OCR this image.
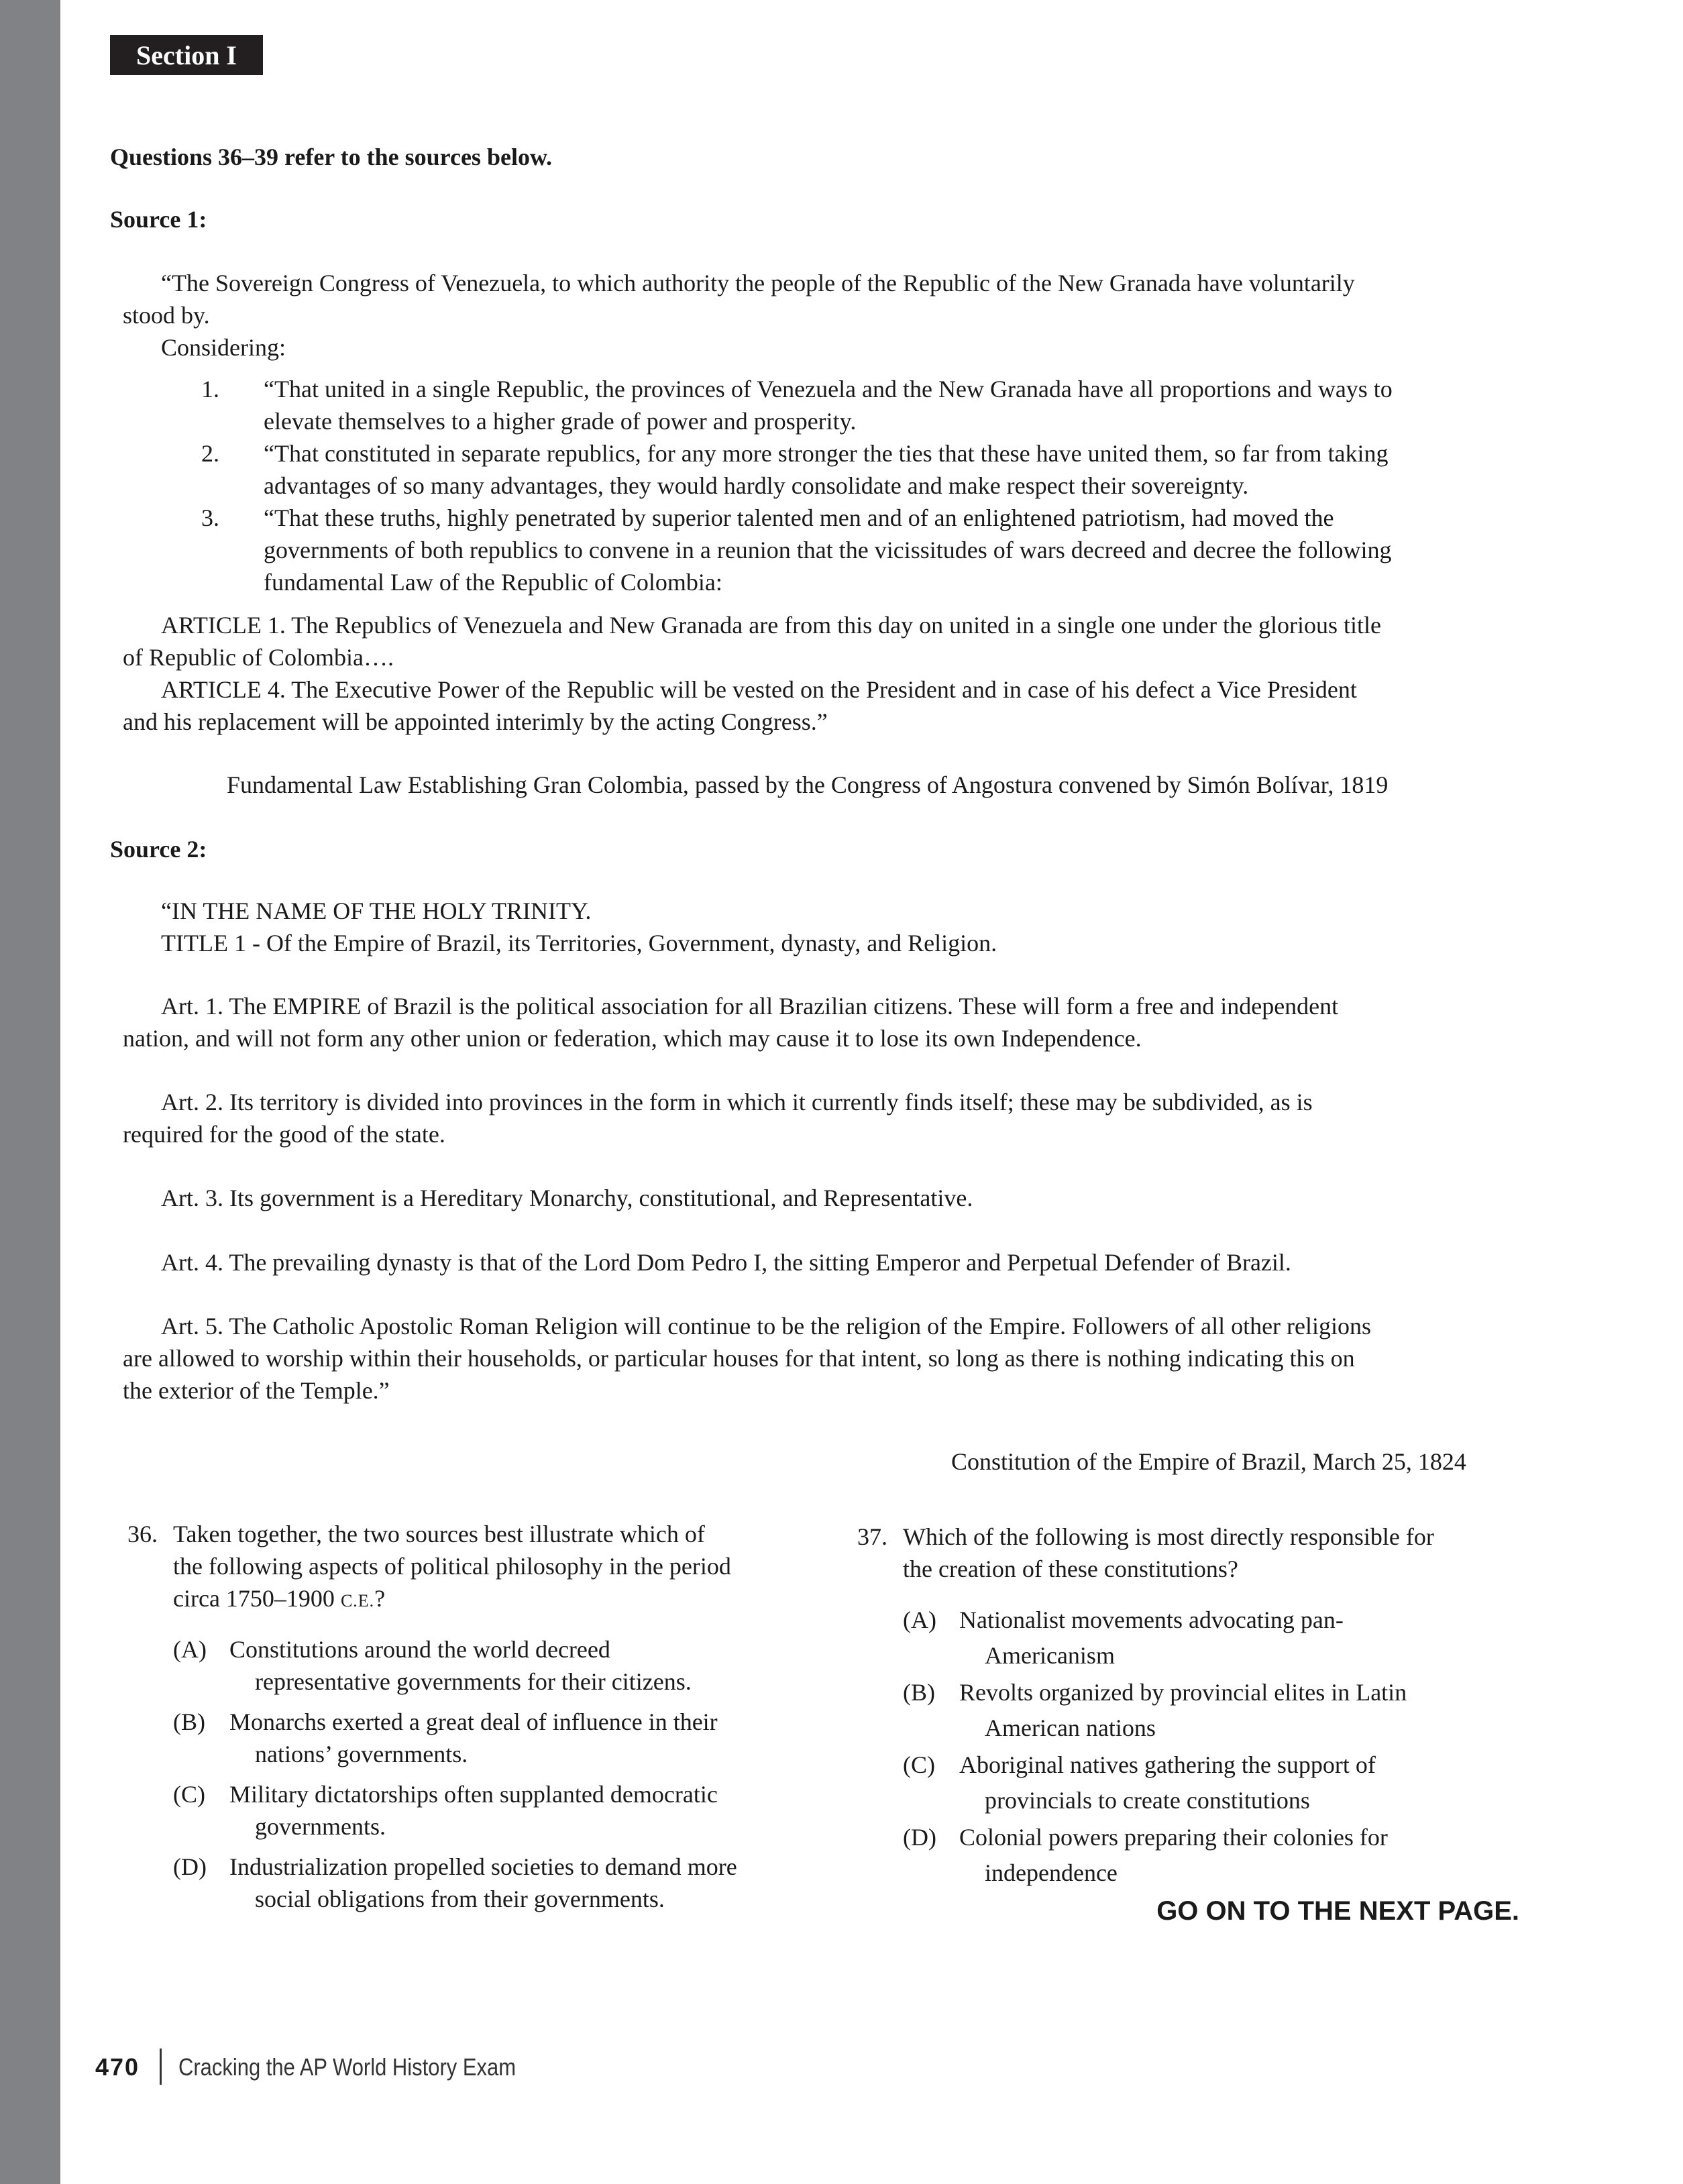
Section I
Questions 36–39 refer to the sources below.
Source 1:
“The Sovereign Congress of Venezuela, to which authority the people of the Republic of the New Granada have voluntarily
stood by.
Considering:
1. “That united in a single Republic, the provinces of Venezuela and the New Granada have all proportions and ways to
elevate themselves to a higher grade of power and prosperity.
2. “That constituted in separate republics, for any more stronger the ties that these have united them, so far from taking
advantages of so many advantages, they would hardly consolidate and make respect their sovereignty.
3. “That these truths, highly penetrated by superior talented men and of an enlightened patriotism, had moved the
governments of both republics to convene in a reunion that the vicissitudes of wars decreed and decree the following
fundamental Law of the Republic of Colombia:
ARTICLE 1. The Republics of Venezuela and New Granada are from this day on united in a single one under the glorious title
of Republic of Colombia….
ARTICLE 4. The Executive Power of the Republic will be vested on the President and in case of his defect a Vice President
and his replacement will be appointed interimly by the acting Congress.”
Fundamental Law Establishing Gran Colombia, passed by the Congress of Angostura convened by Simón Bolívar, 1819
Source 2:
“IN THE NAME OF THE HOLY TRINITY.
TITLE 1 - Of the Empire of Brazil, its Territories, Government, dynasty, and Religion.
Art. 1. The EMPIRE of Brazil is the political association for all Brazilian citizens. These will form a free and independent
nation, and will not form any other union or federation, which may cause it to lose its own Independence.
Art. 2. Its territory is divided into provinces in the form in which it currently finds itself; these may be subdivided, as is
required for the good of the state.
Art. 3. Its government is a Hereditary Monarchy, constitutional, and Representative.
Art. 4. The prevailing dynasty is that of the Lord Dom Pedro I, the sitting Emperor and Perpetual Defender of Brazil.
Art. 5. The Catholic Apostolic Roman Religion will continue to be the religion of the Empire. Followers of all other religions
are allowed to worship within their households, or particular houses for that intent, so long as there is nothing indicating this on
the exterior of the Temple.”
Constitution of the Empire of Brazil, March 25, 1824
36. Taken together, the two sources best illustrate which of
the following aspects of political philosophy in the period
circa 1750–1900 C.E.?
(A) Constitutions around the world decreed
representative governments for their citizens.
(B) Monarchs exerted a great deal of influence in their
nations’ governments.
(C) Military dictatorships often supplanted democratic
governments.
(D) Industrialization propelled societies to demand more
social obligations from their governments.
37. Which of the following is most directly responsible for
the creation of these constitutions?
(A) Nationalist movements advocating pan-
Americanism
(B) Revolts organized by provincial elites in Latin
American nations
(C) Aboriginal natives gathering the support of
provincials to create constitutions
(D) Colonial powers preparing their colonies for
independence
GO ON TO THE NEXT PAGE.
470 Cracking the AP World History Exam
